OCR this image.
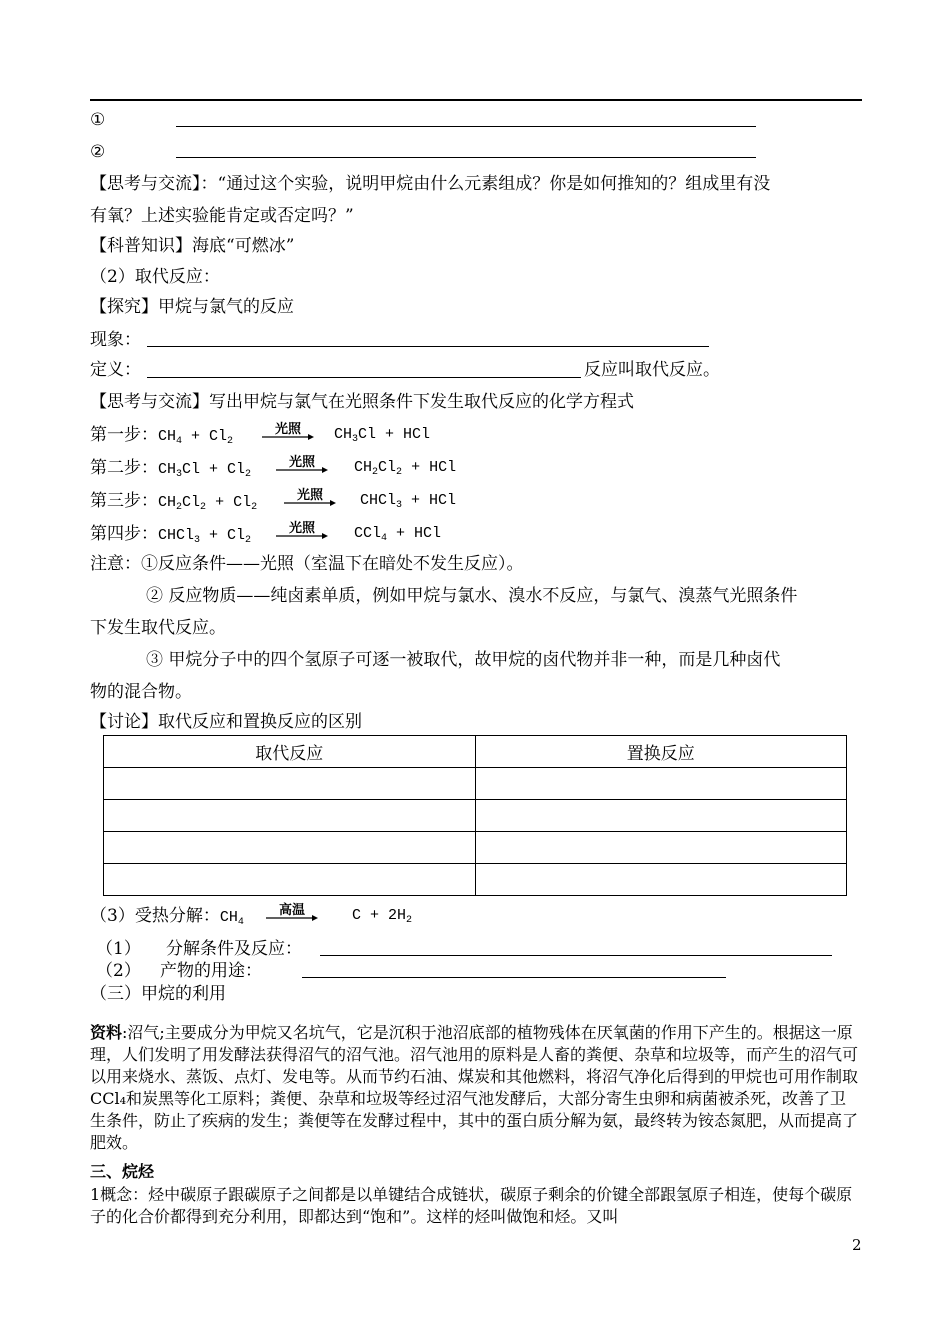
①
②
【思考与交流】：“通过这个实验，说明甲烷由什么元素组成？你是如何推知的？组成里有没
有氧？上述实验能肯定或否定吗？”
【科普知识】海底“可燃冰”
（2）取代反应：
【探究】甲烷与氯气的反应
现象：
定义：	反应叫取代反应。
【思考与交流】写出甲烷与氯气在光照条件下发生取代反应的化学方程式
第一步：$CH_4 + Cl_2$
光照	$CH_3Cl$ + HCl
第二步：$CH_3Cl + Cl_2$
光照	$CH_2Cl_2$ + HCl
第三步：$CH_2Cl_2 + Cl_2$
光照	CHCl$_3$ + HCl
第四步：CHCl$_3$ + $Cl_2$
光照	CCl$_4$ + HCl
注意：①反应条件——光照（室温下在暗处不发生反应）。
② 反应物质——纯卤素单质，例如甲烷与氯水、溴水不反应，与氯气、溴蒸气光照条件
下发生取代反应。
③ 甲烷分子中的四个氢原子可逐一被取代，故甲烷的卤代物并非一种，而是几种卤代
物的混合物。
【讨论】取代反应和置换反应的区别
取代反应	置换反应

（3）受热分解：$CH_4$
高温	$C + 2H_2$
（1） 分解条件及反应：
（2） 产物的用途：
（三）甲烷的利用
资料:沼气;主要成分为甲烷又名坑气，它是沉积于池沼底部的植物残体在厌氧菌的作用下产生的。根据这一原理，人们发明了用发酵法获得沼气的沼气池。沼气池用的原料是人畜的粪便、杂草和垃圾等，而产生的沼气可以用来烧水、蒸饭、点灯、发电等。从而节约石油、煤炭和其他燃料，将沼气净化后得到的甲烷也可用作制取CCl₄和炭黑等化工原料；粪便、杂草和垃圾等经过沼气池发酵后，大部分寄生虫卵和病菌被杀死，改善了卫生条件，防止了疾病的发生；粪便等在发酵过程中，其中的蛋白质分解为氨，最终转为铵态氮肥，从而提高了肥效。
三、烷烃
1概念：烃中碳原子跟碳原子之间都是以单键结合成链状，碳原子剩余的价键全部跟氢原子相连，使每个碳原子的化合价都得到充分利用，即都达到“饱和”。这样的烃叫做饱和烃。又叫
2
